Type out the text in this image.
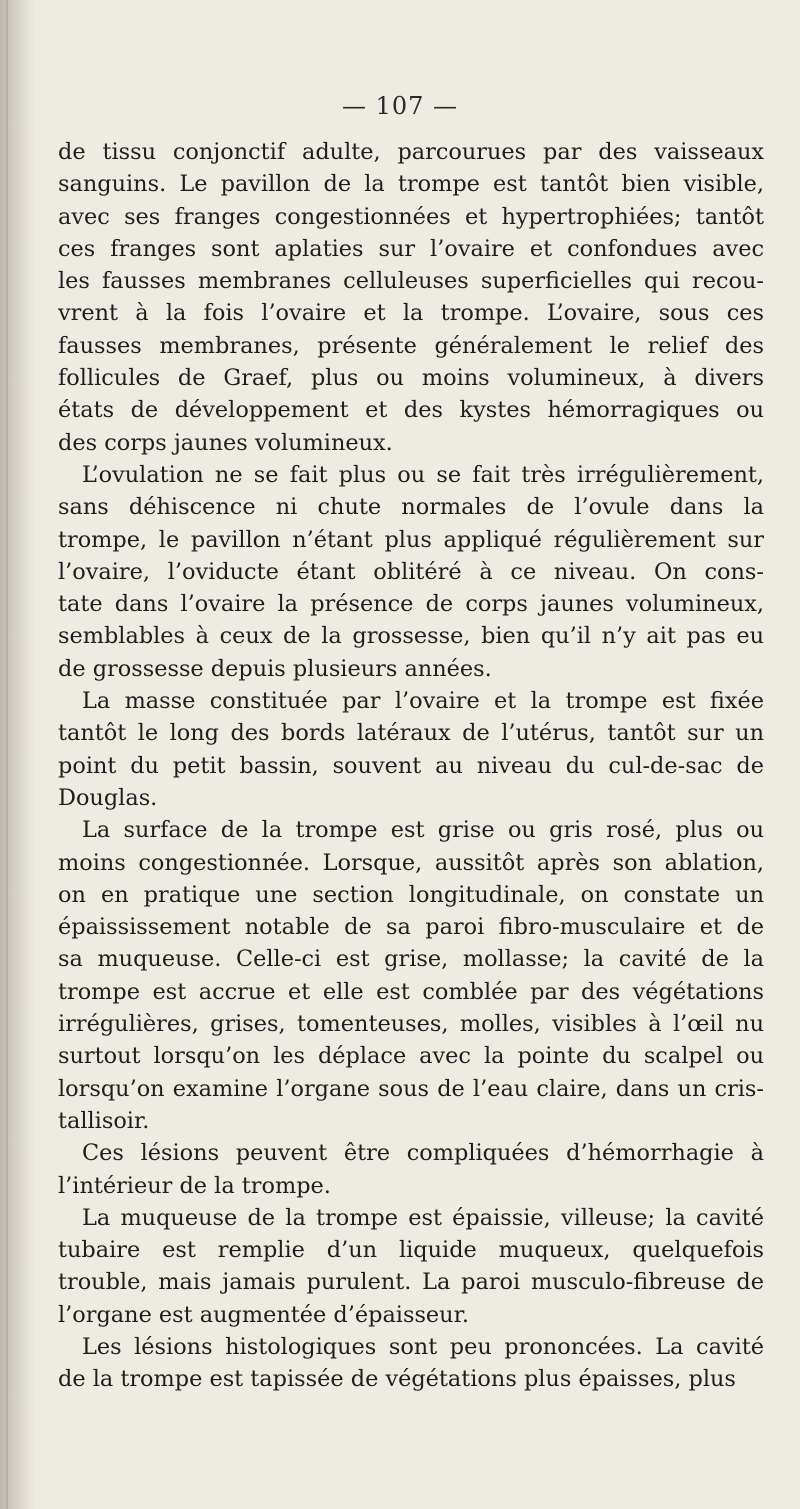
— 107 —
de tissu conjonctif adulte, parcourues par des vaisseaux
sanguins. Le pavillon de la trompe est tantôt bien visible,
avec ses franges congestionnées et hypertrophiées; tantôt
ces franges sont aplaties sur l’ovaire et confondues avec
les fausses membranes celluleuses superficielles qui recou-
vrent à la fois l’ovaire et la trompe. L’ovaire, sous ces
fausses membranes, présente généralement le relief des
follicules de Graef, plus ou moins volumineux, à divers
états de développement et des kystes hémorragiques ou
des corps jaunes volumineux.
L’ovulation ne se fait plus ou se fait très irrégulièrement,
sans déhiscence ni chute normales de l’ovule dans la
trompe, le pavillon n’étant plus appliqué régulièrement sur
l’ovaire, l’oviducte étant oblitéré à ce niveau. On cons-
tate dans l’ovaire la présence de corps jaunes volumineux,
semblables à ceux de la grossesse, bien qu’il n’y ait pas eu
de grossesse depuis plusieurs années.
La masse constituée par l’ovaire et la trompe est fixée
tantôt le long des bords latéraux de l’utérus, tantôt sur un
point du petit bassin, souvent au niveau du cul-de-sac de
Douglas.
La surface de la trompe est grise ou gris rosé, plus ou
moins congestionnée. Lorsque, aussitôt après son ablation,
on en pratique une section longitudinale, on constate un
épaississement notable de sa paroi fibro-musculaire et de
sa muqueuse. Celle-ci est grise, mollasse; la cavité de la
trompe est accrue et elle est comblée par des végétations
irrégulières, grises, tomenteuses, molles, visibles à l’œil nu
surtout lorsqu’on les déplace avec la pointe du scalpel ou
lorsqu’on examine l’organe sous de l’eau claire, dans un cris-
tallisoir.
Ces lésions peuvent être compliquées d’hémorrhagie à
l’intérieur de la trompe.
La muqueuse de la trompe est épaissie, villeuse; la cavité
tubaire est remplie d’un liquide muqueux, quelquefois
trouble, mais jamais purulent. La paroi musculo-fibreuse de
l’organe est augmentée d’épaisseur.
Les lésions histologiques sont peu prononcées. La cavité
de la trompe est tapissée de végétations plus épaisses, plus
